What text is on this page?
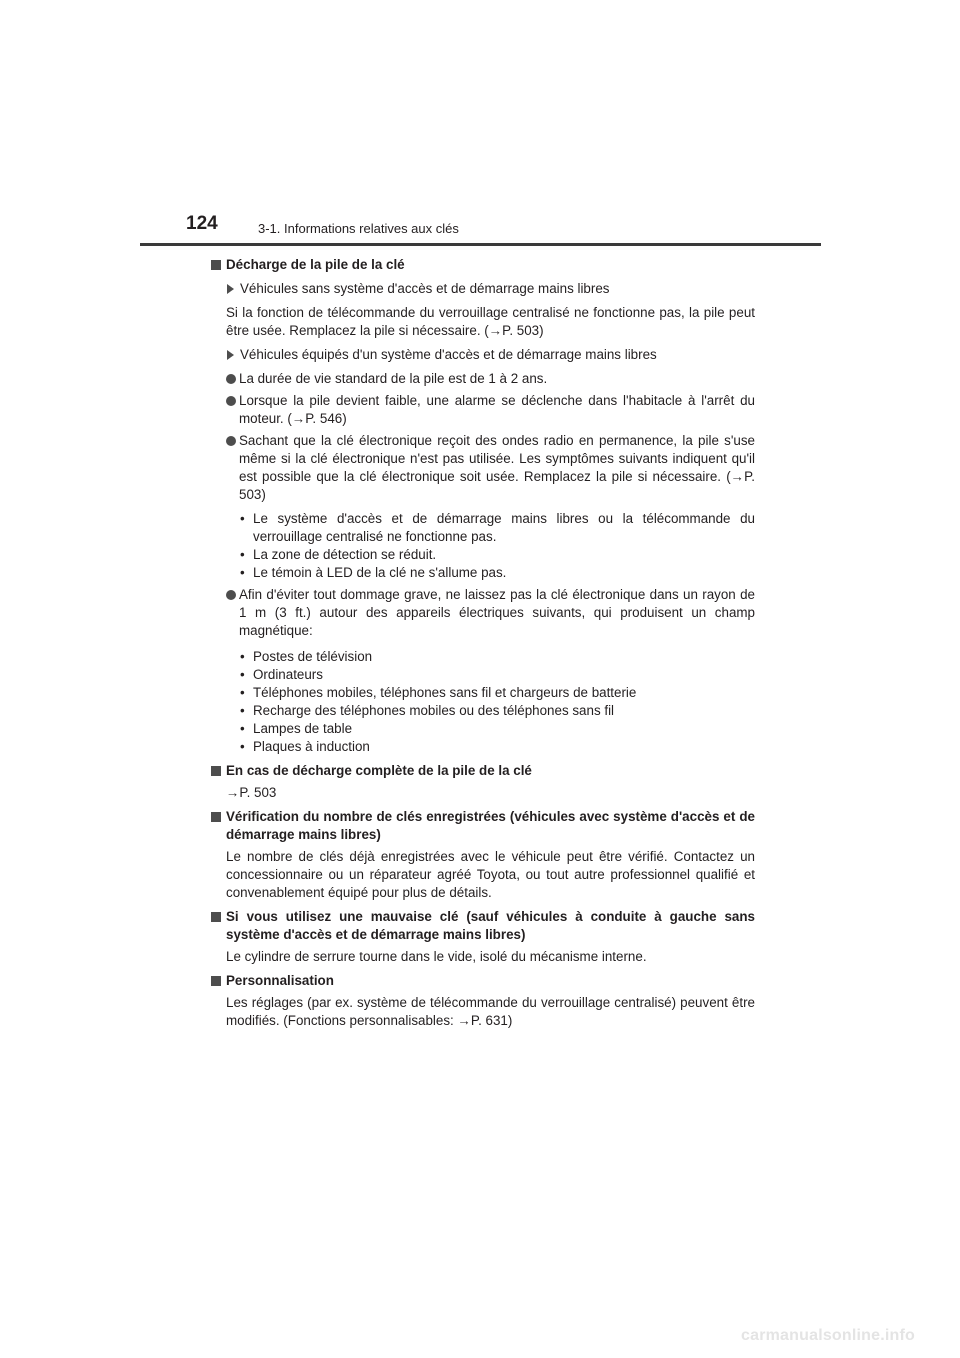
124	3-1. Informations relatives aux clés
Décharge de la pile de la clé
Véhicules sans système d'accès et de démarrage mains libres
Si la fonction de télécommande du verrouillage centralisé ne fonctionne pas, la pile peut être usée. Remplacez la pile si nécessaire. (→P. 503)
Véhicules équipés d'un système d'accès et de démarrage mains libres
La durée de vie standard de la pile est de 1 à 2 ans.
Lorsque la pile devient faible, une alarme se déclenche dans l'habitacle à l'arrêt du moteur. (→P. 546)
Sachant que la clé électronique reçoit des ondes radio en permanence, la pile s'use même si la clé électronique n'est pas utilisée. Les symptômes suivants indiquent qu'il est possible que la clé électronique soit usée. Remplacez la pile si nécessaire. (→P. 503)
• Le système d'accès et de démarrage mains libres ou la télécommande du verrouillage centralisé ne fonctionne pas.
• La zone de détection se réduit.
• Le témoin à LED de la clé ne s'allume pas.
Afin d'éviter tout dommage grave, ne laissez pas la clé électronique dans un rayon de 1 m (3 ft.) autour des appareils électriques suivants, qui produisent un champ magnétique:
• Postes de télévision
• Ordinateurs
• Téléphones mobiles, téléphones sans fil et chargeurs de batterie
• Recharge des téléphones mobiles ou des téléphones sans fil
• Lampes de table
• Plaques à induction
En cas de décharge complète de la pile de la clé
→P. 503
Vérification du nombre de clés enregistrées (véhicules avec système d'accès et de démarrage mains libres)
Le nombre de clés déjà enregistrées avec le véhicule peut être vérifié. Contactez un concessionnaire ou un réparateur agréé Toyota, ou tout autre professionnel qualifié et convenablement équipé pour plus de détails.
Si vous utilisez une mauvaise clé (sauf véhicules à conduite à gauche sans système d'accès et de démarrage mains libres)
Le cylindre de serrure tourne dans le vide, isolé du mécanisme interne.
Personnalisation
Les réglages (par ex. système de télécommande du verrouillage centralisé) peuvent être modifiés. (Fonctions personnalisables: →P. 631)
carmanualsonline.info
